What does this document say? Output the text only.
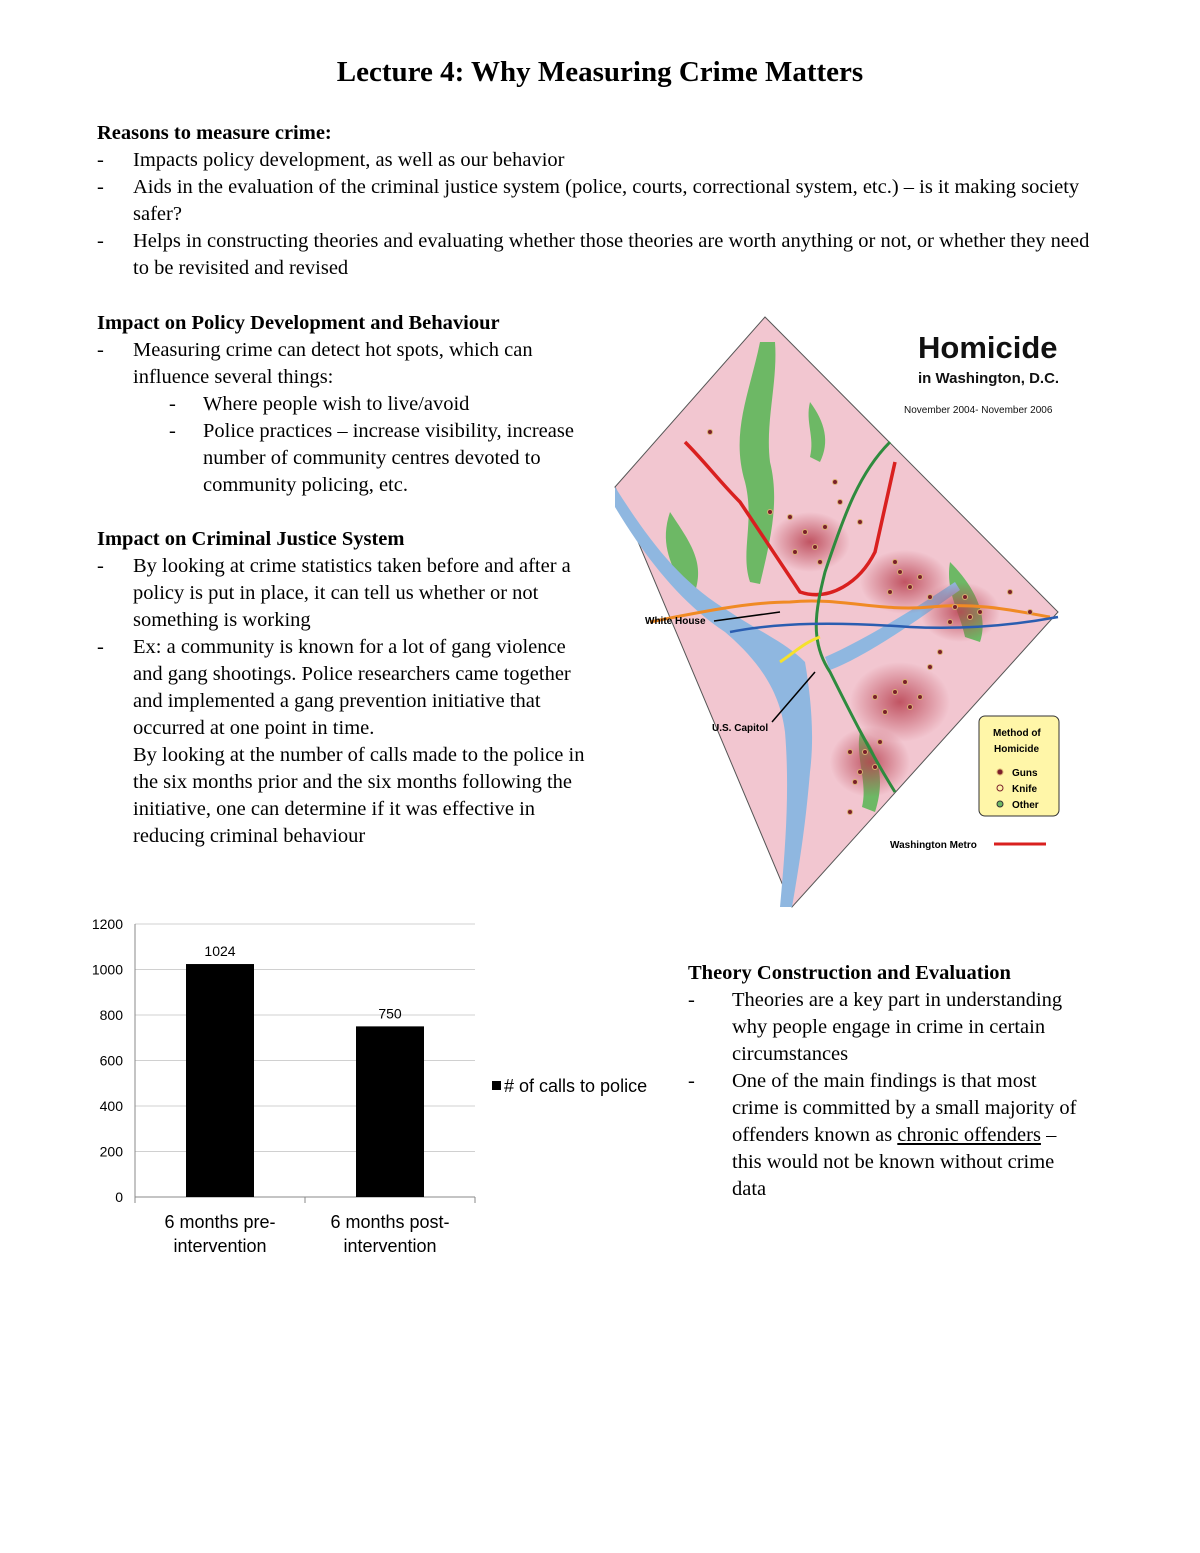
Lecture 4: Why Measuring Crime Matters
Reasons to measure crime:
- Impacts policy development, as well as our behavior
- Aids in the evaluation of the criminal justice system (police, courts, correctional system, etc.) – is it making society safer?
- Helps in constructing theories and evaluating whether those theories are worth anything or not, or whether they need to be revisited and revised
Impact on Policy Development and Behaviour
- Measuring crime can detect hot spots, which can influence several things:
- Where people wish to live/avoid
- Police practices – increase visibility, increase number of community centres devoted to community policing, etc.
Impact on Criminal Justice System
- By looking at crime statistics taken before and after a policy is put in place, it can tell us whether or not something is working
- Ex: a community is known for a lot of gang violence and gang shootings. Police researchers came together and implemented a gang prevention initiative that occurred at one point in time.
By looking at the number of calls made to the police in the six months prior and the six months following the initiative, one can determine if it was effective in reducing criminal behaviour
Theory Construction and Evaluation
- Theories are a key part in understanding why people engage in crime in certain circumstances
- One of the main findings is that most crime is committed by a small majority of offenders known as chronic offenders – this would not be known without crime data
Homicide
in Washington, D.C.
November 2004- November 2006
White House
U.S. Capitol	Method of
Homicide
Guns
Knife
Other
Washington Metro
0
200
400
600
800
1000
1200
1024
750
6 months pre-
intervention
6 months post-
intervention
# of calls to police
